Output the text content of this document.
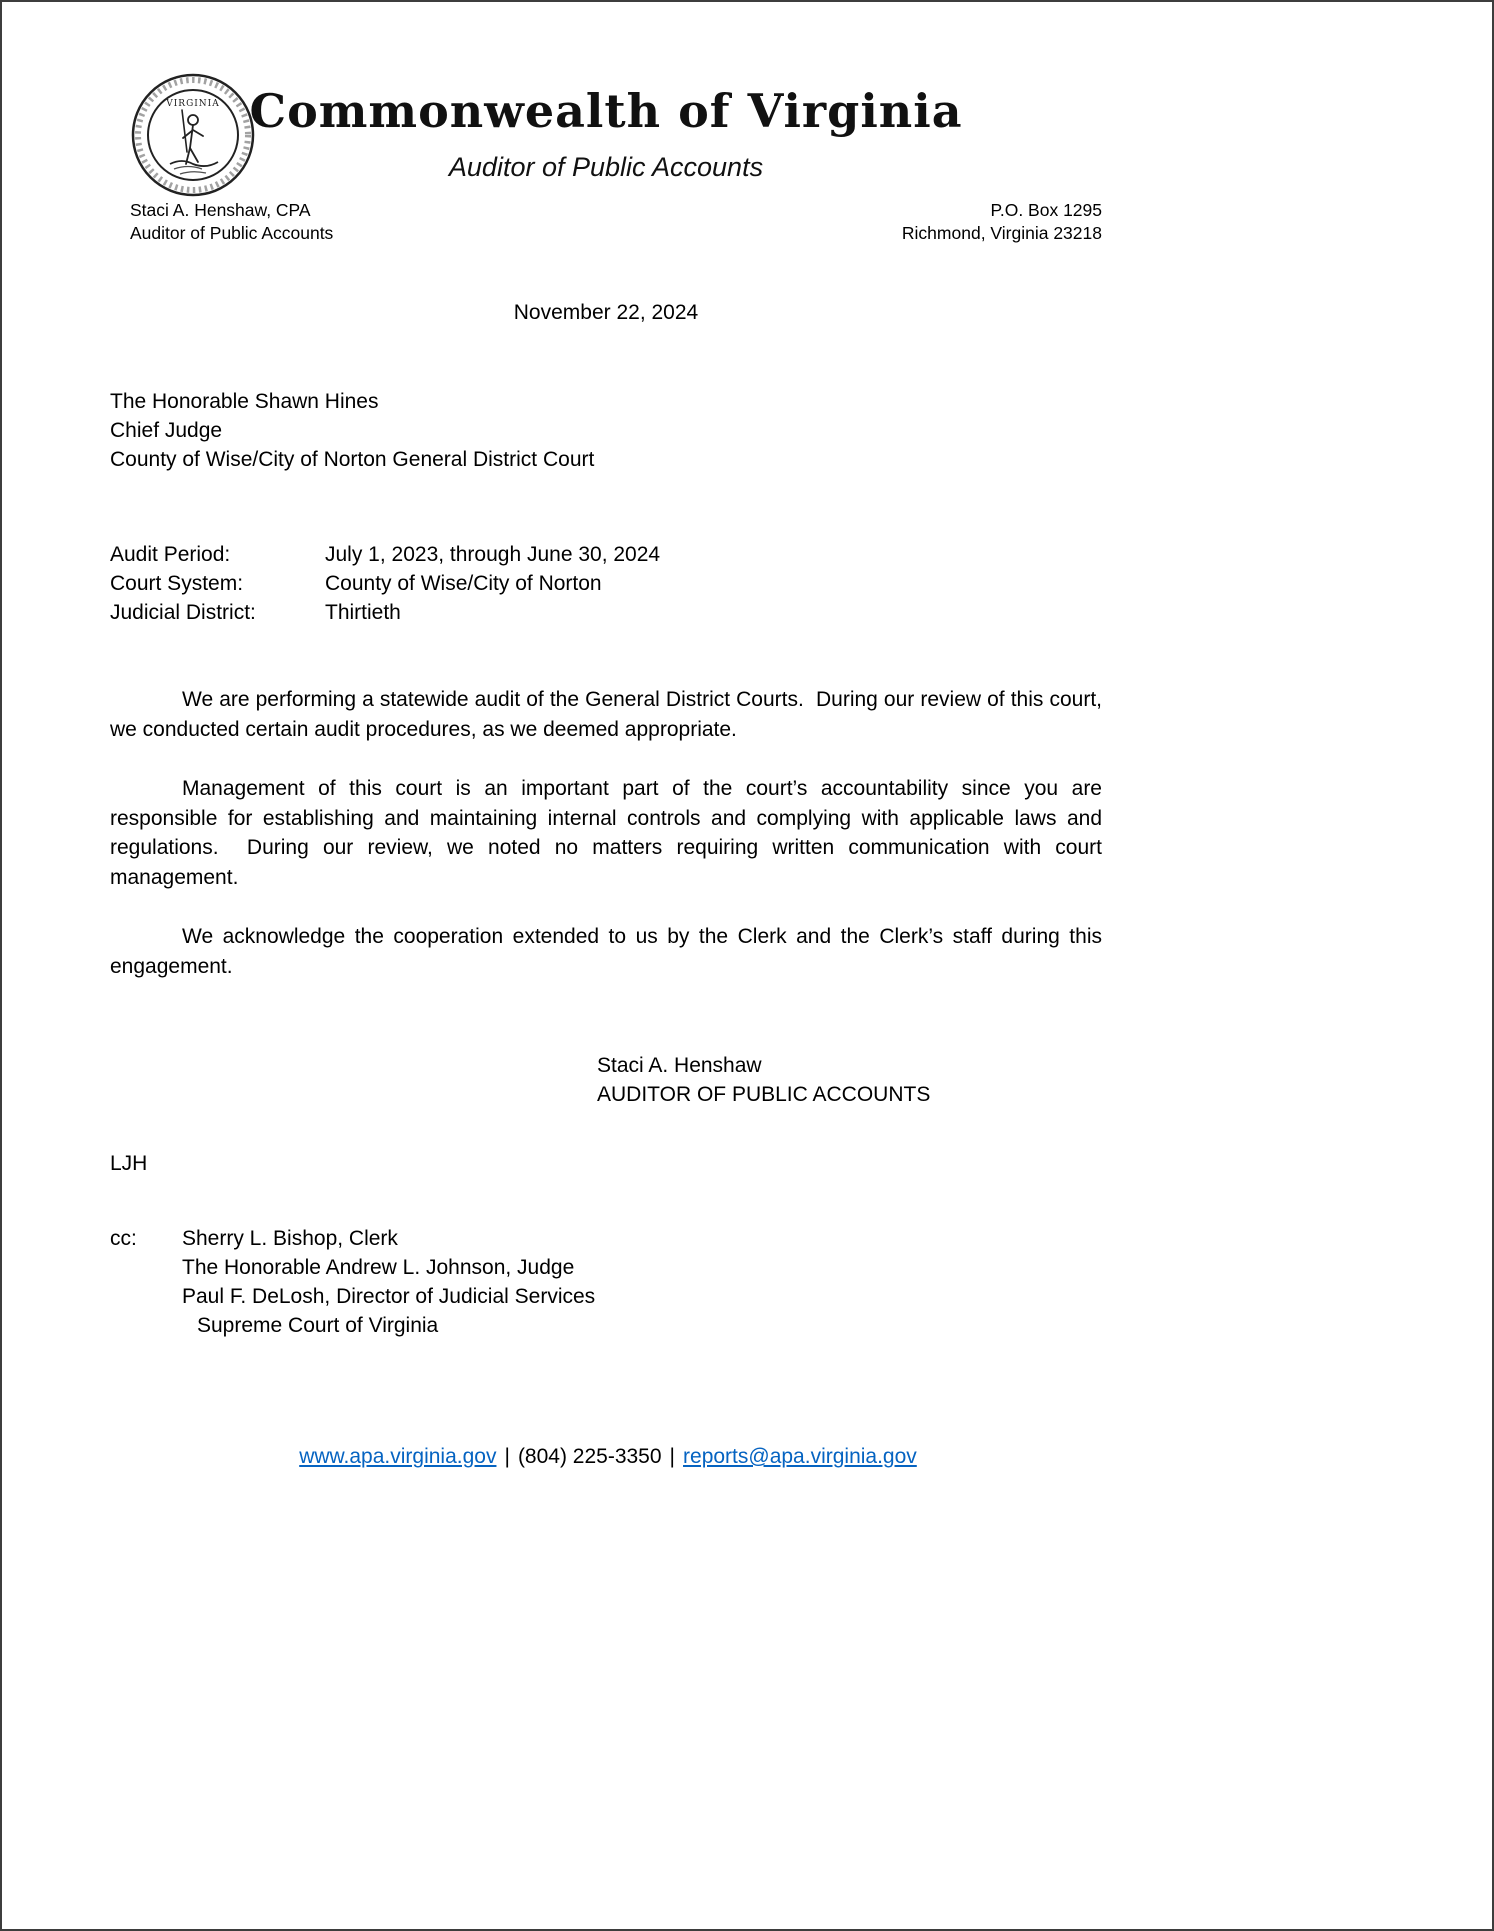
VIRGINIA Commonwealth of Virginia
Auditor of Public Accounts
Staci A. Henshaw, CPA
Auditor of Public Accounts
P.O. Box 1295
Richmond, Virginia 23218
November 22, 2024
The Honorable Shawn Hines
Chief Judge
County of Wise/City of Norton General District Court
Audit Period:	July 1, 2023, through June 30, 2024
Court System:	County of Wise/City of Norton
Judicial District:	Thirtieth

We are performing a statewide audit of the General District Courts.  During our review of this court, we conducted certain audit procedures, as we deemed appropriate.

Management of this court is an important part of the court’s accountability since you are responsible for establishing and maintaining internal controls and complying with applicable laws and regulations.  During our review, we noted no matters requiring written communication with court management.

We acknowledge the cooperation extended to us by the Clerk and the Clerk’s staff during this engagement.

Staci A. Henshaw
AUDITOR OF PUBLIC ACCOUNTS
LJH
cc:	Sherry L. Bishop, Clerk
The Honorable Andrew L. Johnson, Judge
Paul F. DeLosh, Director of Judicial Services
Supreme Court of Virginia
www.apa.virginia.gov | (804) 225-3350 | reports@apa.virginia.gov
